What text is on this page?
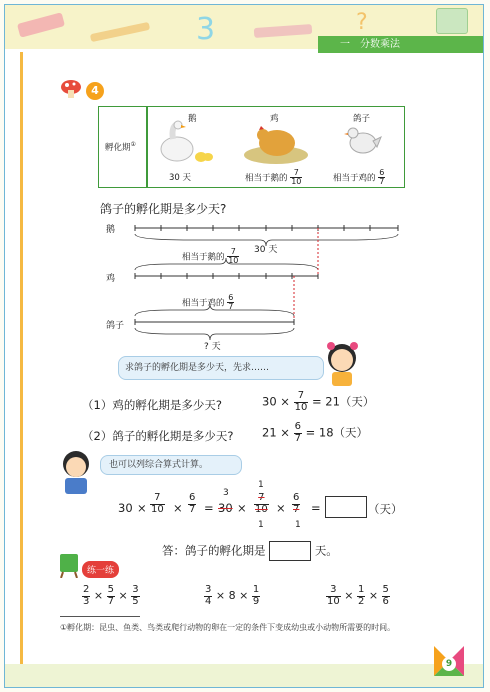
3	?
一　分数乘法
4
孵化期①
鹅
30 天
鸡
相当于鹅的 $\frac{7}{10}$
鸽子
相当于鸡的 $\frac{6}{7}$
鸽子的孵化期是多少天?
鹅
30 天
相当于鹅的 $\frac{7}{10}$
鸡
相当于鸡的 $\frac{6}{7}$
鸽子
? 天
求鸽子的孵化期是多少天，先求……
（1）鸡的孵化期是多少天?	$30 \times \frac{7}{10} = 21$（天）
（2）鸽子的孵化期是多少天? $21 \times \frac{6}{7} = 18$（天）
也可以列综合算式计算。
$30 \times \frac{7}{10} \times \frac{6}{7}$ =
3
30 ×
1
$\frac{7}{10}$
1
× $\frac{6}{7}$
1
=	（天）
答：鸽子的孵化期是	天。
练一练
$\frac{2}{3} \times \frac{5}{7} \times \frac{3}{5}$	$\frac{3}{4} \times 8 \times \frac{1}{9}$	$\frac{3}{10} \times \frac{1}{2} \times \frac{5}{6}$
①孵化期：昆虫、鱼类、鸟类或爬行动物的卵在一定的条件下变成幼虫或小动物所需要的时间。
9
